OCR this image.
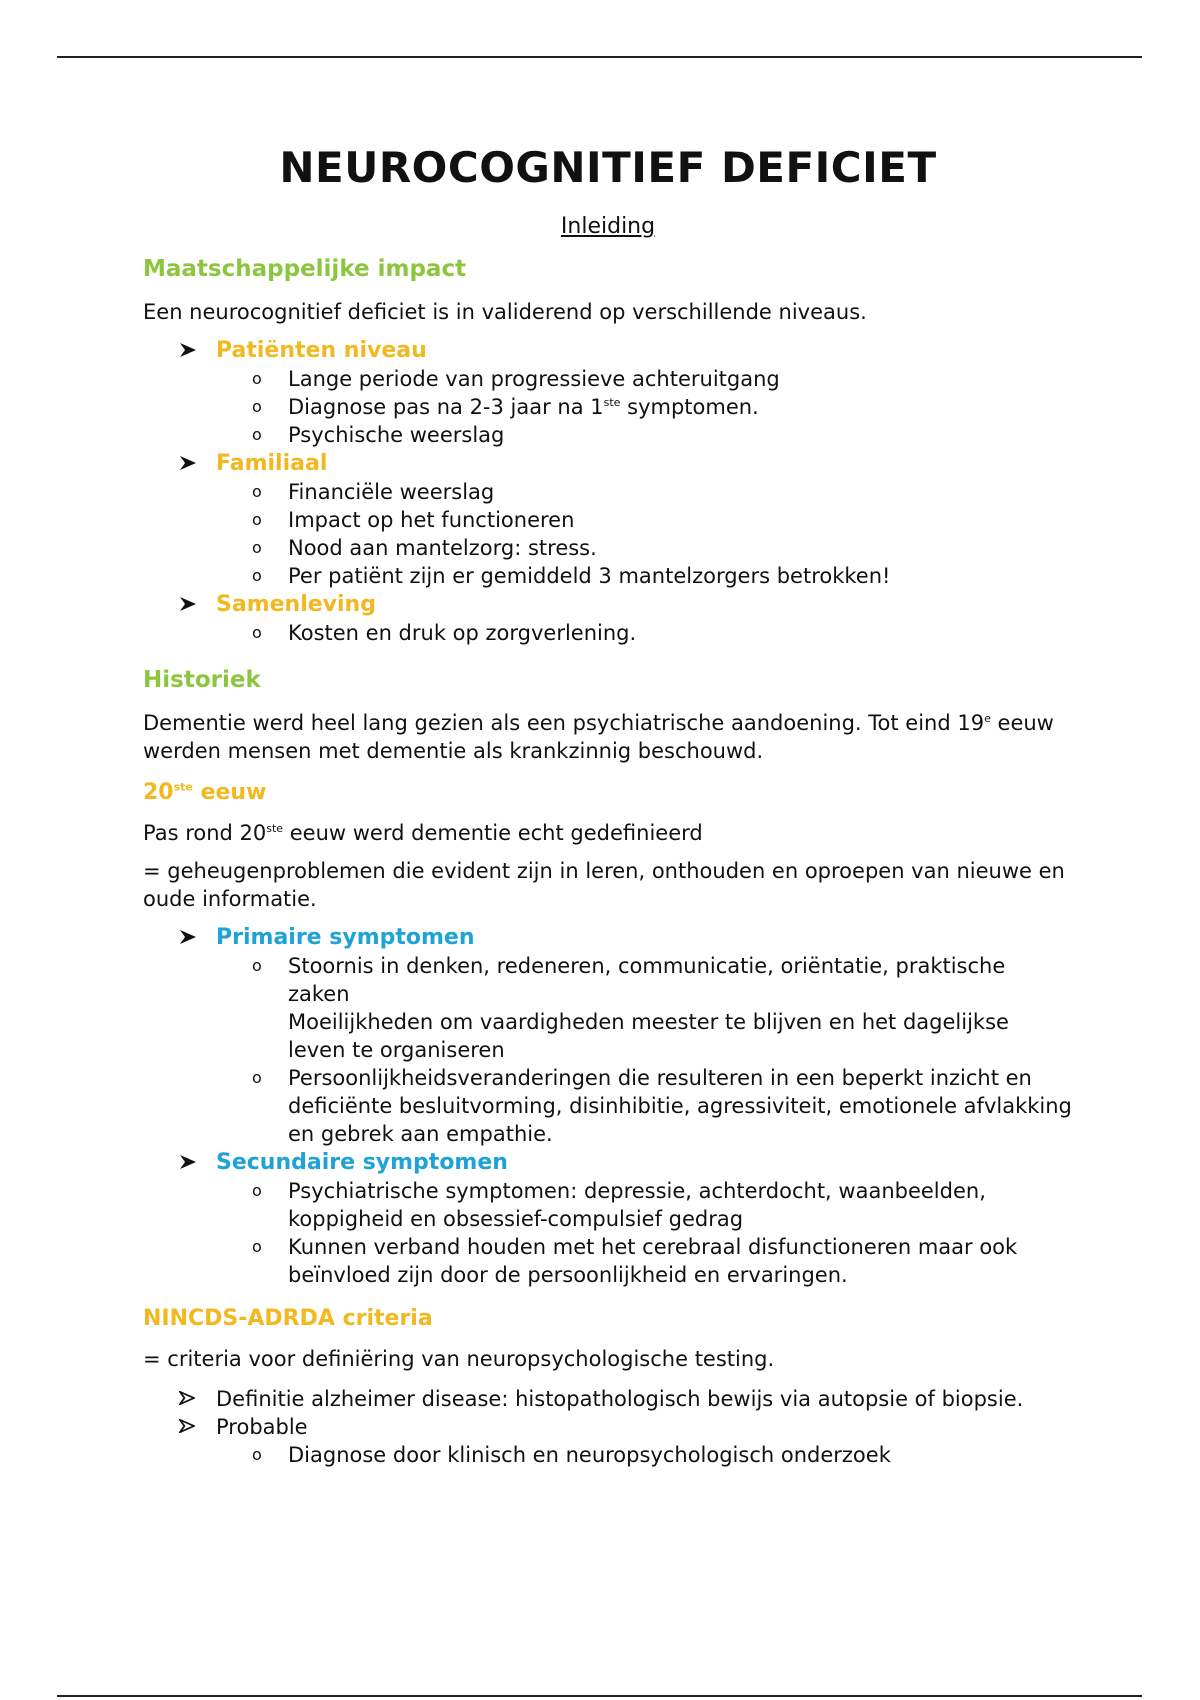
NEUROCOGNITIEF DEFICIET
Inleiding
Maatschappelijke impact

Een neurocognitief deficiet is in validerend op verschillende niveaus.

Patiënten niveau
o Lange periode van progressieve achteruitgang
o Diagnose pas na 2-3 jaar na 1ste symptomen.
o Psychische weerslag
Familiaal
o Financiële weerslag
o Impact op het functioneren
o Nood aan mantelzorg: stress.
o Per patiënt zijn er gemiddeld 3 mantelzorgers betrokken!
Samenleving
o Kosten en druk op zorgverlening.
Historiek

Dementie werd heel lang gezien als een psychiatrische aandoening. Tot eind 19e eeuw werden mensen met dementie als krankzinnig beschouwd.

20ste eeuw

Pas rond 20ste eeuw werd dementie echt gedefinieerd

= geheugenproblemen die evident zijn in leren, onthouden en oproepen van nieuwe en oude informatie.

Primaire symptomen
o Stoornis in denken, redeneren, communicatie, oriëntatie, praktische zaken
Moeilijkheden om vaardigheden meester te blijven en het dagelijkse leven te organiseren
o Persoonlijkheidsveranderingen die resulteren in een beperkt inzicht en deficiënte besluitvorming, disinhibitie, agressiviteit, emotionele afvlakking en gebrek aan empathie.
Secundaire symptomen
o Psychiatrische symptomen: depressie, achterdocht, waanbeelden, koppigheid en obsessief-compulsief gedrag
o Kunnen verband houden met het cerebraal disfunctioneren maar ook beïnvloed zijn door de persoonlijkheid en ervaringen.
NINCDS-ADRDA criteria

= criteria voor definiëring van neuropsychologische testing.

Definitie alzheimer disease: histopathologisch bewijs via autopsie of biopsie.
Probable
o Diagnose door klinisch en neuropsychologisch onderzoek
